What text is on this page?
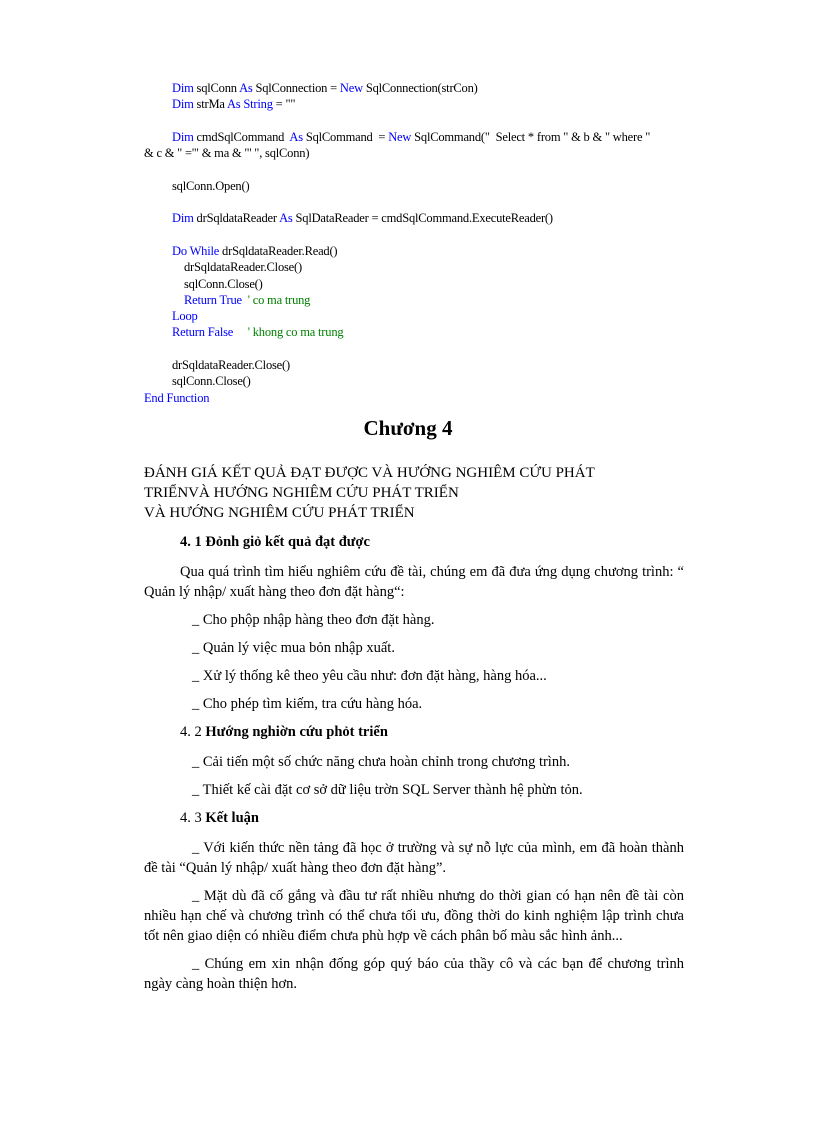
Dim sqlConn As SqlConnection = New SqlConnection(strCon)
Dim strMa As String = ""
Dim cmdSqlCommand  As SqlCommand  = New SqlCommand("  Select * from " & b & " where "
& c & " ='" & ma & "' ", sqlConn)
sqlConn.Open()
Dim drSqldataReader As SqlDataReader = cmdSqlCommand.ExecuteReader()
Do While drSqldataReader.Read()
drSqldataReader.Close()
sqlConn.Close()
Return True  ' co ma trung
Loop
Return False     ' khong co ma trung
drSqldataReader.Close()
sqlConn.Close()
End Function
Chương 4
ĐÁNH GIÁ KẾT QUẢ ĐẠT ĐƯỢC VÀ HƯỚNG NGHIÊM CỨU PHÁT
TRIỂNVÀ HƯỚNG NGHIÊM CỨU PHÁT TRIỂN
VÀ HƯỚNG NGHIÊM CỨU PHÁT TRIỂN
4. 1 Đỏnh giỏ kết quả đạt được

Qua quá trình tìm hiểu nghiêm cứu đề tài, chúng em đã đưa ứng dụng chương trình: “ Quản lý nhập/ xuất hàng theo đơn đặt hàng“:

_ Cho phộp nhập hàng theo đơn đặt hàng.
_ Quản lý việc mua bỏn nhập xuất.
_ Xử lý thống kê theo yêu cầu như: đơn đặt hàng, hàng hóa...
_ Cho phép tìm kiếm, tra cứu hàng hóa.
4. 2 Hướng nghiờn cứu phỏt triển
_ Cải tiến một số chức năng chưa hoàn chỉnh trong chương trình.
_ Thiết kế cài đặt cơ sở dữ liệu trờn SQL Server thành hệ phừn tỏn.
4. 3 Kết luận

_ Với kiến thức nền tảng đã học ở trường và sự nỗ lực của mình, em đã hoàn thành đề tài “Quản lý nhập/ xuất hàng theo đơn đặt hàng”.

_ Mặt dù đã cố gắng và đầu tư rất nhiều nhưng do thời gian có hạn nên đề tài còn nhiều hạn chế và chương trình có thể chưa tối ưu, đồng thời do kinh nghiệm lập trình chưa tốt nên giao diện có nhiều điểm chưa phù hợp về cách phân bố màu sắc hình ảnh...

_ Chúng em xin nhận đống góp quý báo của thầy cô và các bạn để chương trình ngày càng hoàn thiện hơn.
